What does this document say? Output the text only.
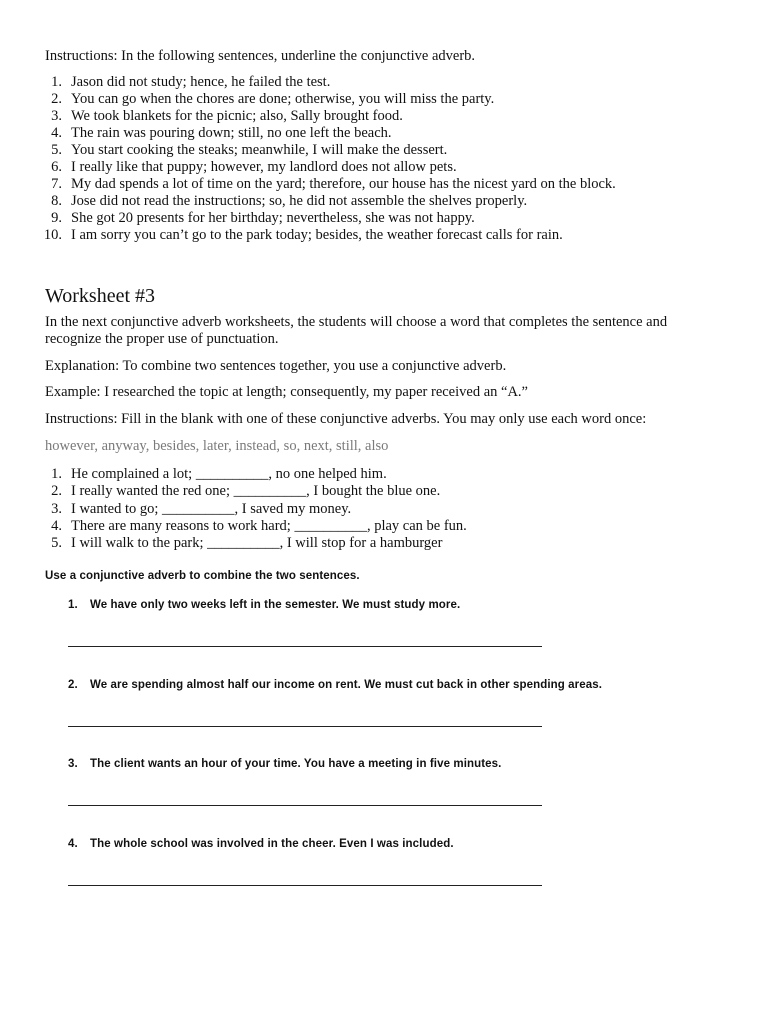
Instructions: In the following sentences, underline the conjunctive adverb.
1. Jason did not study; hence, he failed the test.
2. You can go when the chores are done; otherwise, you will miss the party.
3. We took blankets for the picnic; also, Sally brought food.
4. The rain was pouring down; still, no one left the beach.
5. You start cooking the steaks; meanwhile, I will make the dessert.
6. I really like that puppy; however, my landlord does not allow pets.
7. My dad spends a lot of time on the yard; therefore, our house has the nicest yard on the block.
8. Jose did not read the instructions; so, he did not assemble the shelves properly.
9. She got 20 presents for her birthday; nevertheless, she was not happy.
10. I am sorry you can’t go to the park today; besides, the weather forecast calls for rain.
Worksheet #3
In the next conjunctive adverb worksheets, the students will choose a word that completes the sentence and recognize the proper use of punctuation.
Explanation: To combine two sentences together, you use a conjunctive adverb.
Example: I researched the topic at length; consequently, my paper received an “A.”
Instructions: Fill in the blank with one of these conjunctive adverbs. You may only use each word once:
however, anyway, besides, later, instead, so, next, still, also
1. He complained a lot; __________, no one helped him.
2. I really wanted the red one; __________, I bought the blue one.
3. I wanted to go; __________, I saved my money.
4. There are many reasons to work hard; __________, play can be fun.
5. I will walk to the park; __________, I will stop for a hamburger
Use a conjunctive adverb to combine the two sentences.
1. We have only two weeks left in the semester. We must study more.
2. We are spending almost half our income on rent. We must cut back in other spending areas.
3. The client wants an hour of your time. You have a meeting in five minutes.
4. The whole school was involved in the cheer. Even I was included.
